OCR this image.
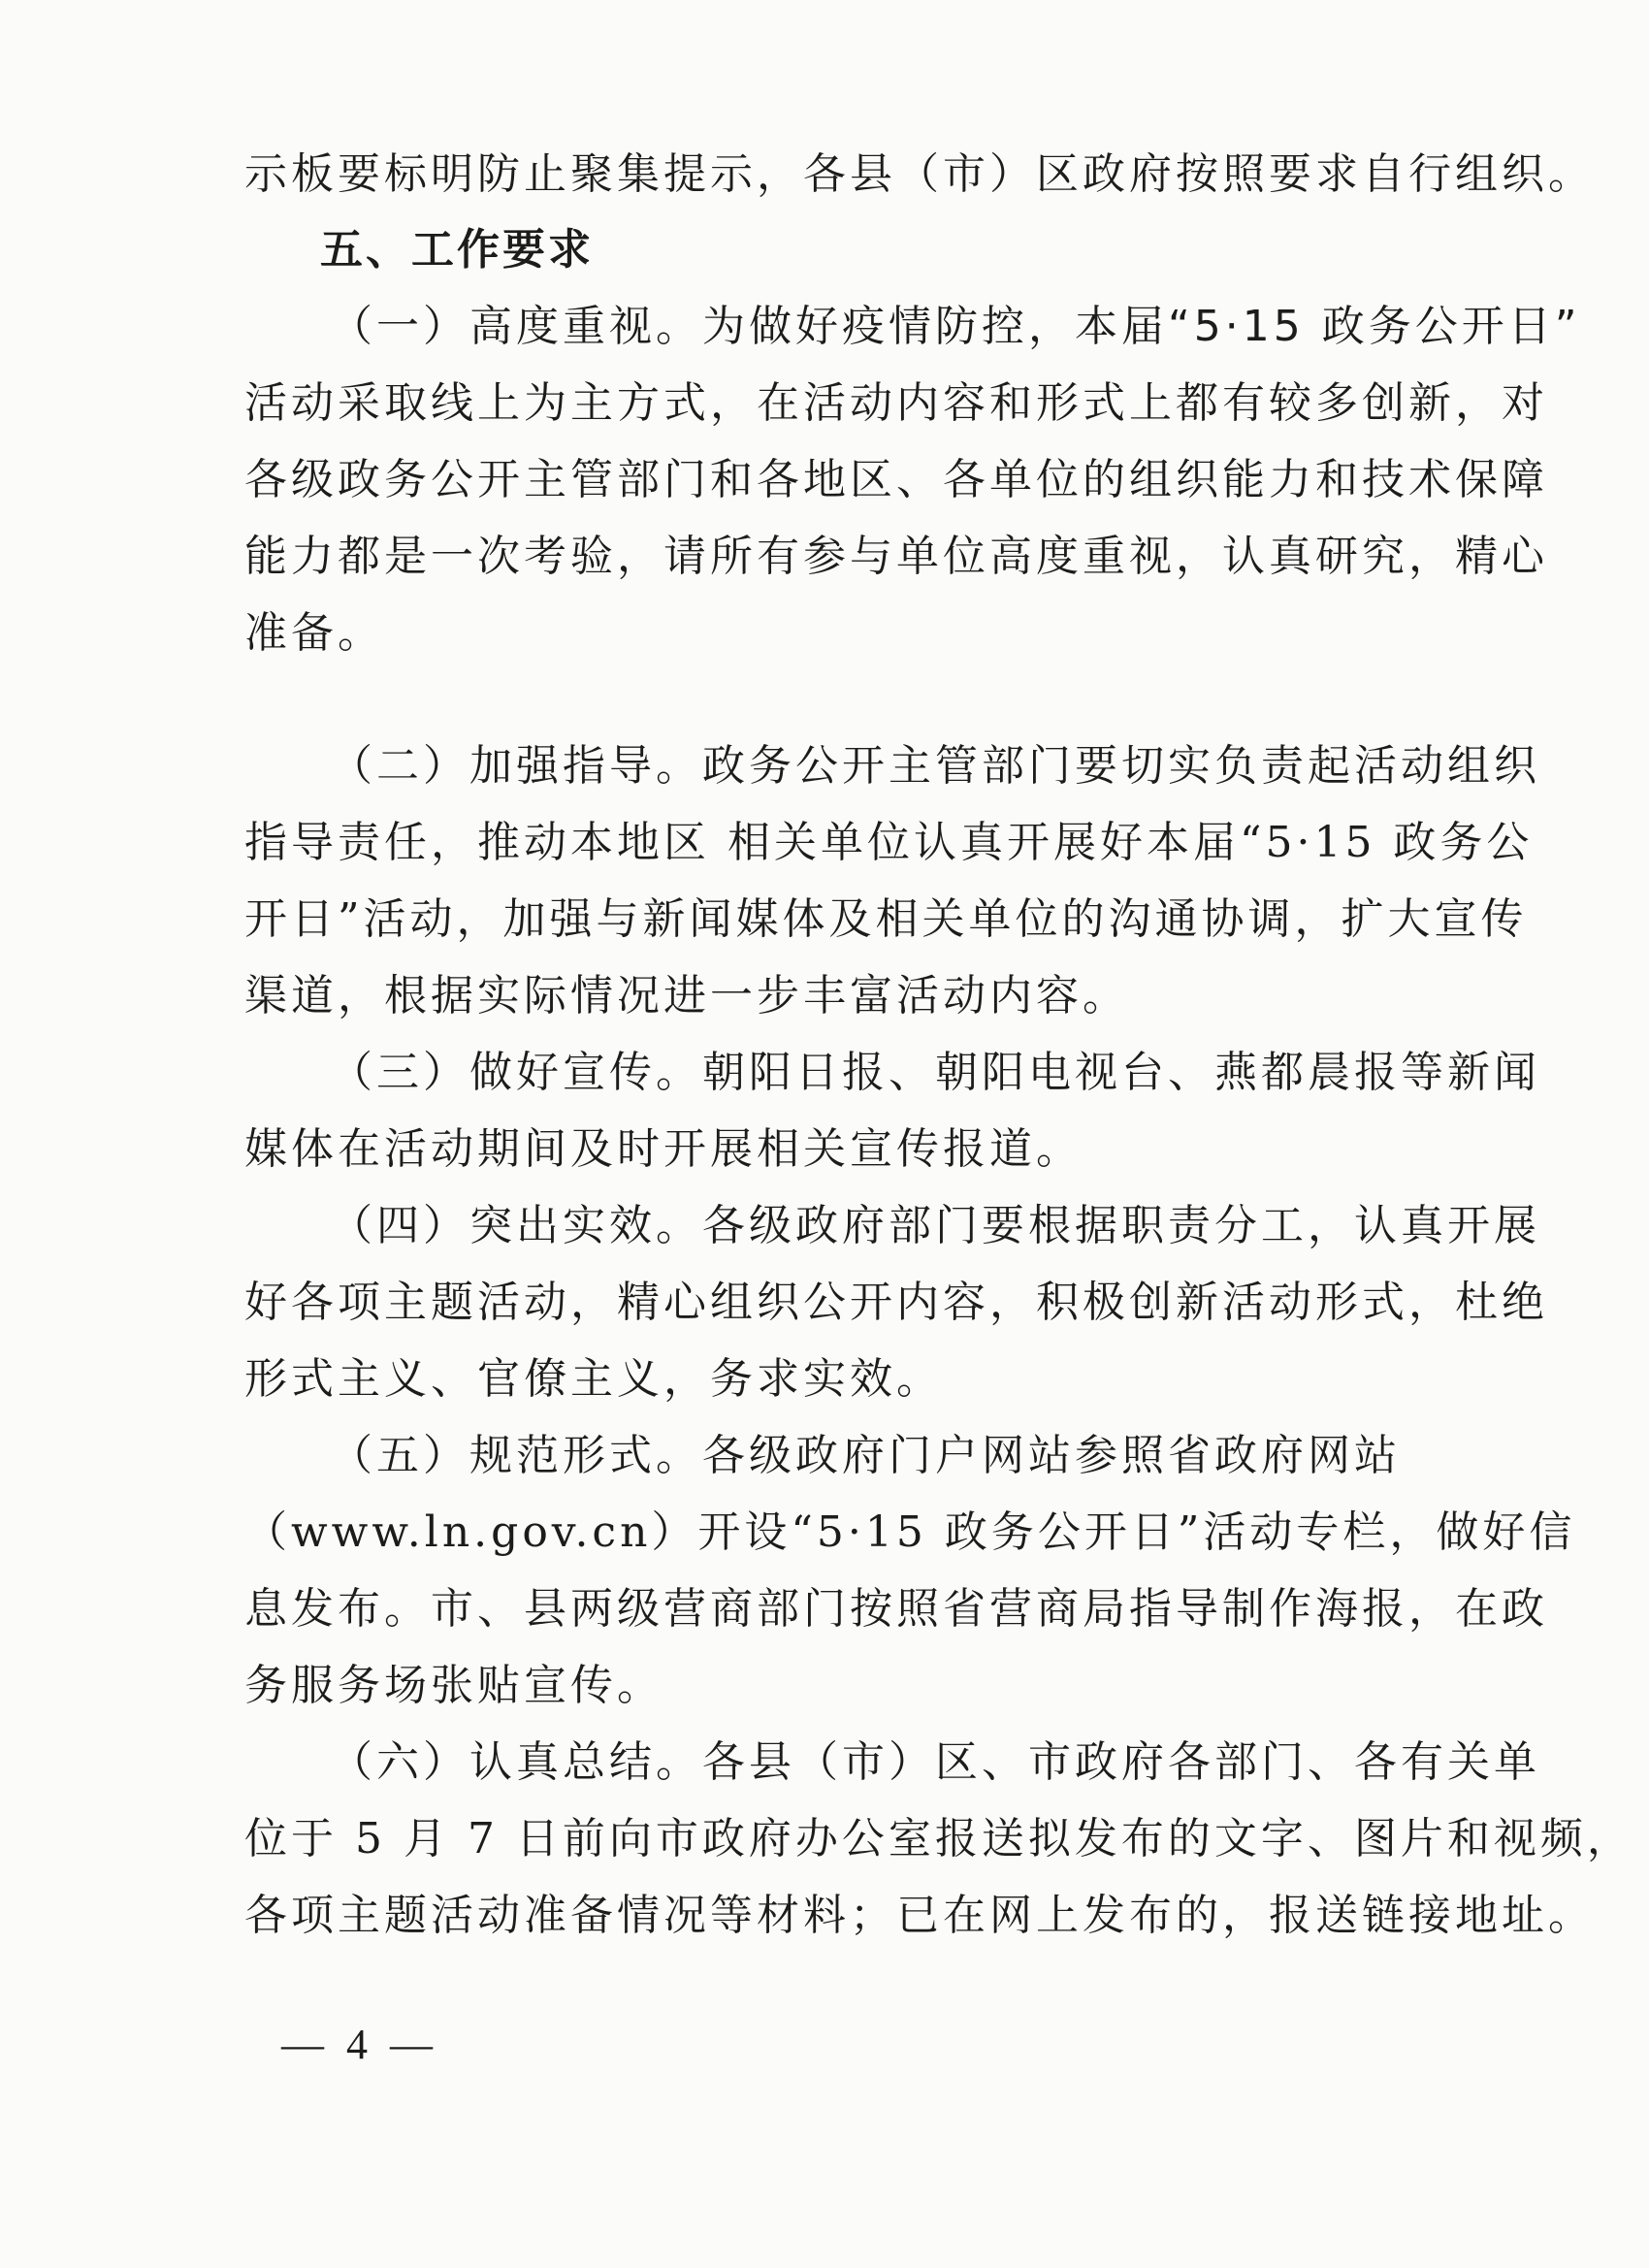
示板要标明防止聚集提示，各县（市）区政府按照要求自行组织。
五、工作要求
（一）高度重视。为做好疫情防控，本届“5·15 政务公开日”
活动采取线上为主方式，在活动内容和形式上都有较多创新，对
各级政务公开主管部门和各地区、各单位的组织能力和技术保障
能力都是一次考验，请所有参与单位高度重视，认真研究，精心
准备。
（二）加强指导。政务公开主管部门要切实负责起活动组织
指导责任，推动本地区 相关单位认真开展好本届“5·15 政务公
开日”活动，加强与新闻媒体及相关单位的沟通协调，扩大宣传
渠道，根据实际情况进一步丰富活动内容。
（三）做好宣传。朝阳日报、朝阳电视台、燕都晨报等新闻
媒体在活动期间及时开展相关宣传报道。
（四）突出实效。各级政府部门要根据职责分工，认真开展
好各项主题活动，精心组织公开内容，积极创新活动形式，杜绝
形式主义、官僚主义，务求实效。
（五）规范形式。各级政府门户网站参照省政府网站
（www.ln.gov.cn）开设“5·15 政务公开日”活动专栏，做好信
息发布。市、县两级营商部门按照省营商局指导制作海报，在政
务服务场张贴宣传。
（六）认真总结。各县（市）区、市政府各部门、各有关单
位于 5 月 7 日前向市政府办公室报送拟发布的文字、图片和视频，
各项主题活动准备情况等材料；已在网上发布的，报送链接地址。
— 4 —
